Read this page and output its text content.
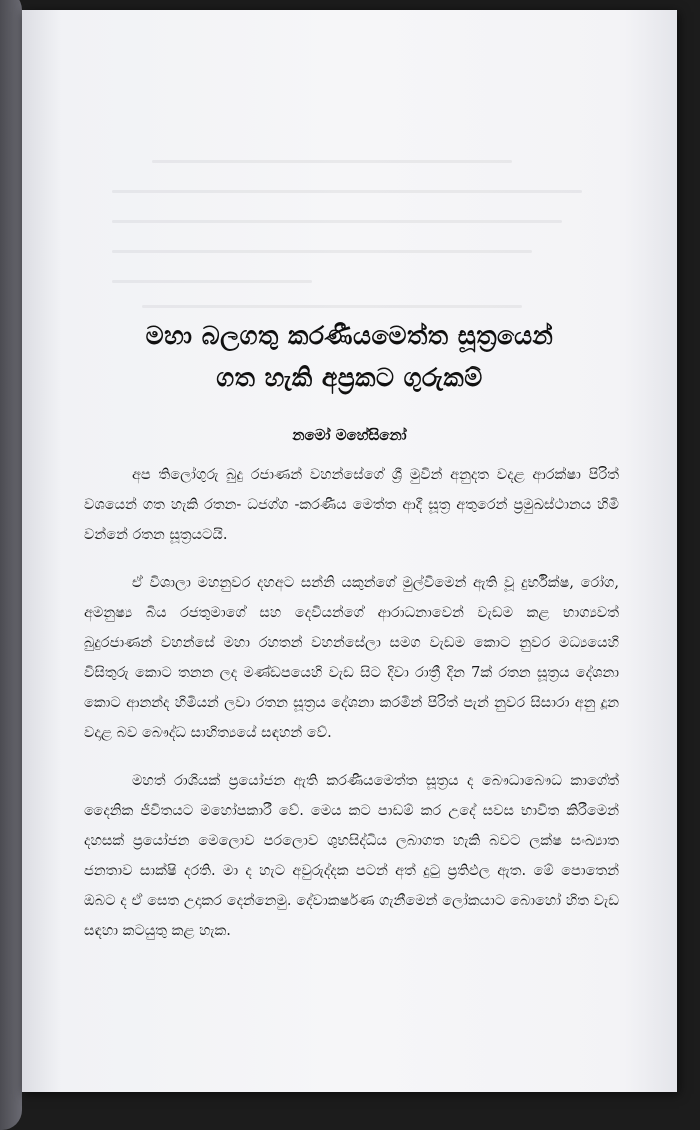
මහා බලගතු කරණීයමෙත්ත සූත්‍රයෙන්
ගත හැකි අප්‍රකට ගුරුකම්
නමෝ මහේසිනෝ

අප තිලෝගුරු බුදු රජාණන් වහන්සේගේ ශ්‍රී මුවින් අනුදත වදළ ආරක්ෂා පිරිත් වශයෙන් ගත හැකි රතන- ධජග්ග -කරණීය මෙත්ත ආදී සූත්‍ර අතුරෙන් ප්‍රමුඛස්ථානය හිමි වන්නේ රතන සූත්‍රයටයි.

ඒ විශාලා මහනුවර දහඅට සන්නි යකුන්ගේ මුල්වීමෙන් ඇති වූ දුර්භික්ෂ, රෝග, අමනුෂ්‍ය බිය රජතුමාගේ සහ දෙවියන්ගේ ආරාධනාවෙන් වැඩම කළ භාග්‍යවත් බුදුරජාණන් වහන්සේ මහා රහතන් වහන්සේලා සමග වැඩම කොට නුවර මධ්‍යයෙහි විසිතුරු කොට තනන ලද මණ්ඩපයෙහි වැඩ සිට දිවා රාත්‍රී දින 7ක් රතන සූත්‍රය දේශනා කොට ආනන්ද හිමියන් ලවා රතන සූත්‍රය දේශනා කරමින් පිරිත් පැන් නුවර සිසාරා අනු දූන වදාළ බව බෞද්ධ සාහිත්‍යයේ සඳහන් වේ.

මහත් රාශියක් ප්‍රයෝජන ඇති කරණීයමෙත්ත සූත්‍රය ද බෞධාබෞධ කාගේත් දෛනික ජීවිතයට මහෝපකාරී වේ. මෙය කට පාඩම් කර උදේ සවස භාවිත කිරීමෙන් දහසක් ප්‍රයෝජන මෙලොව පරලොව ශුභසිද්ධිය ලබාගත හැකි බවට ලක්ෂ සංඛ්‍යාත ජනතාව සාක්ෂි දරති. මා ද හැට අවුරුද්දක පටන් අත් දුටු ප්‍රතිඵල ඇත. මේ පොතෙන් ඔබට ද ඒ සෙත උදාකර දෙන්නෙමු. දේවාකර්ෂණ ගැනීමෙන් ලෝකයාට බොහෝ හිත වැඩ සඳහා කටයුතු කළ හැක.
